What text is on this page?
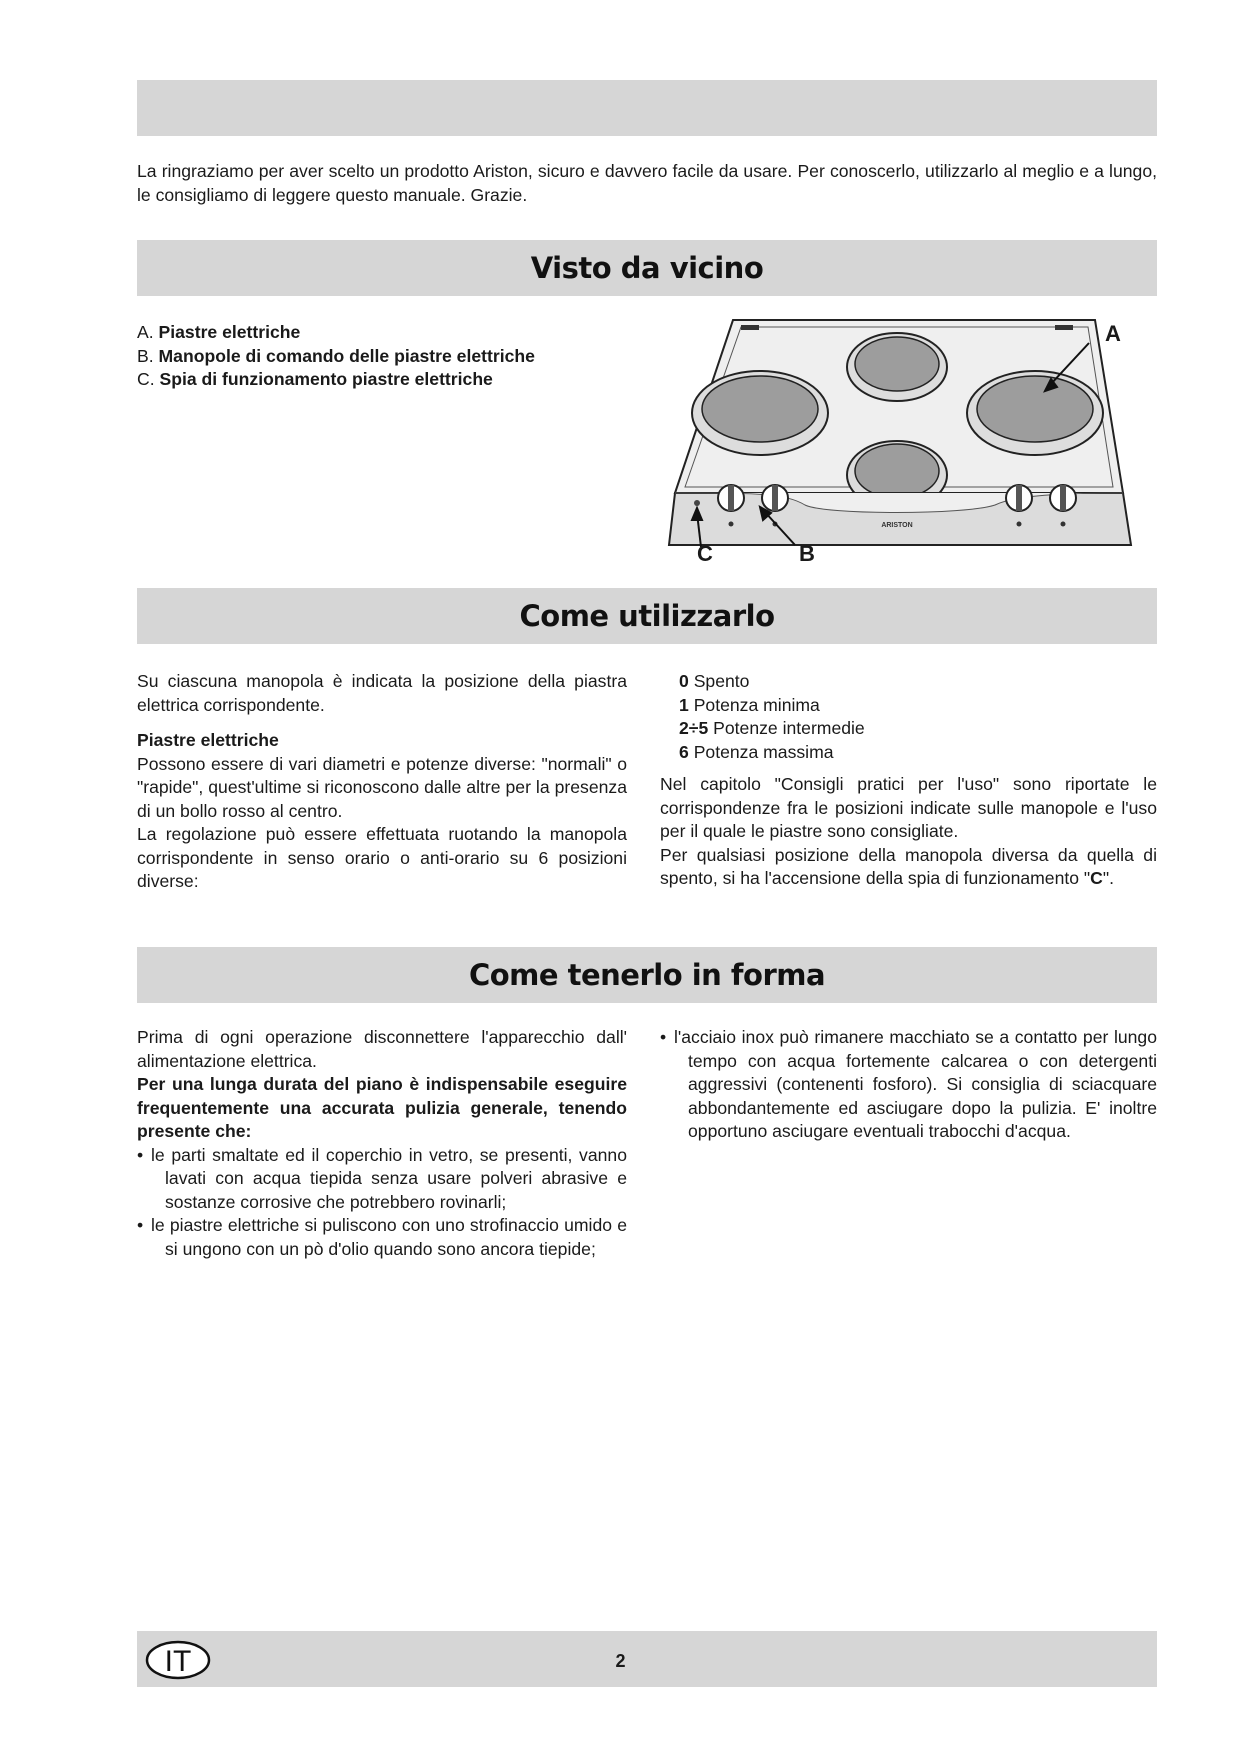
La ringraziamo per aver scelto un prodotto Ariston, sicuro e davvero facile da usare. Per conoscerlo, utilizzarlo al meglio e a lungo, le consigliamo di leggere questo manuale. Grazie.
Visto da vicino

A. Piastre elettriche

B. Manopole di comando delle piastre elettriche

C. Spia di funzionamento piastre elettriche

ARISTON
A
C	B
Come utilizzarlo

Su ciascuna manopola è indicata la posizione della piastra elettrica corrispondente.

Piastre elettriche

Possono essere di vari diametri e potenze diverse: "normali" o "rapide", quest'ultime si riconoscono dalle altre per la presenza di un bollo rosso al centro.

La regolazione può essere effettuata ruotando la manopola corrispondente in senso orario o anti-orario su 6 posizioni diverse:

0 Spento

1 Potenza minima

2÷5 Potenze intermedie

6 Potenza massima

Nel capitolo "Consigli pratici per l'uso" sono riportate le corrispondenze fra le posizioni indicate sulle manopole e l'uso per il quale le piastre sono consigliate.

Per qualsiasi posizione della manopola diversa da quella di spento, si ha l'accensione della spia di funzionamento "C".

Come tenerlo in forma

Prima di ogni operazione disconnettere l'apparecchio dall' alimentazione elettrica.

Per una lunga durata del piano è indispensabile eseguire frequentemente una accurata pulizia generale, tenendo presente che:

• le parti smaltate ed il coperchio in vetro, se presenti, vanno lavati con acqua tiepida senza usare polveri abrasive e sostanze corrosive che potrebbero rovinarli;

• le piastre elettriche si puliscono con uno strofinaccio umido e si ungono con un pò d'olio quando sono ancora tiepide;

• l'acciaio inox può rimanere macchiato se a contatto per lungo tempo con acqua fortemente calcarea o con detergenti aggressivi (contenenti fosforo). Si consiglia di sciacquare abbondantemente ed asciugare dopo la pulizia. E' inoltre opportuno asciugare eventuali trabocchi d'acqua.

IT	2
